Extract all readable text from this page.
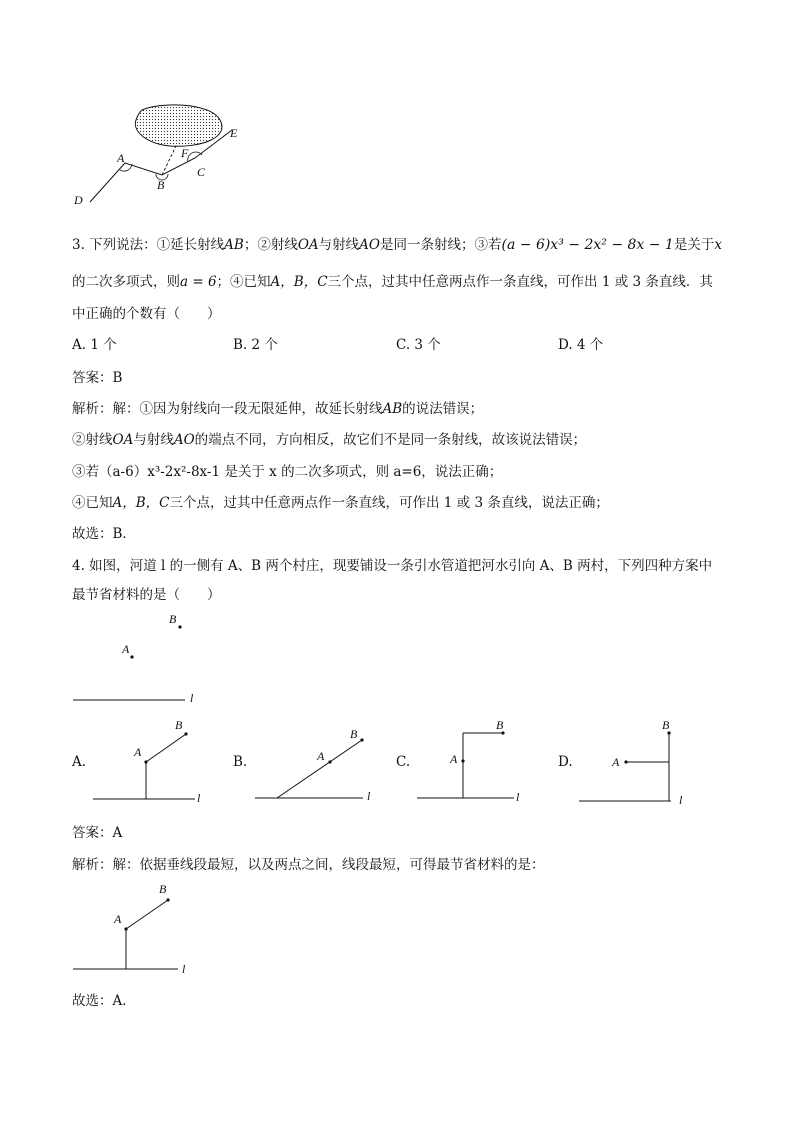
A
B
C
D
E
F
3. 下列说法：①延长射线AB；②射线OA与射线AO是同一条射线；③若(a − 6)x³ − 2x² − 8x − 1是关于x
的二次多项式，则a = 6；④已知A，B，C三个点，过其中任意两点作一条直线，可作出 1 或 3 条直线．其
中正确的个数有（　　）
A. 1 个	B. 2 个	C. 3 个	D. 4 个
答案：B
解析：解：①因为射线向一段无限延伸，故延长射线AB的说法错误；
②射线OA与射线AO的端点不同，方向相反，故它们不是同一条射线，故该说法错误；
③若（a-6）x³-2x²-8x-1 是关于 x 的二次多项式，则 a=6，说法正确；
④已知A，B，C三个点，过其中任意两点作一条直线，可作出 1 或 3 条直线，说法正确；
故选：B．
4. 如图，河道 l 的一侧有 A、B 两个村庄，现要铺设一条引水管道把河水引向 A、B 两村，下列四种方案中
最节省材料的是（　　）
B
A
l
A.
A
B
l
B.	A
B
l
C.	A
B
l
D.	A
B
l
答案：A
解析：解：依据垂线段最短，以及两点之间，线段最短，可得最节省材料的是：
A
B
l
故选：A．
